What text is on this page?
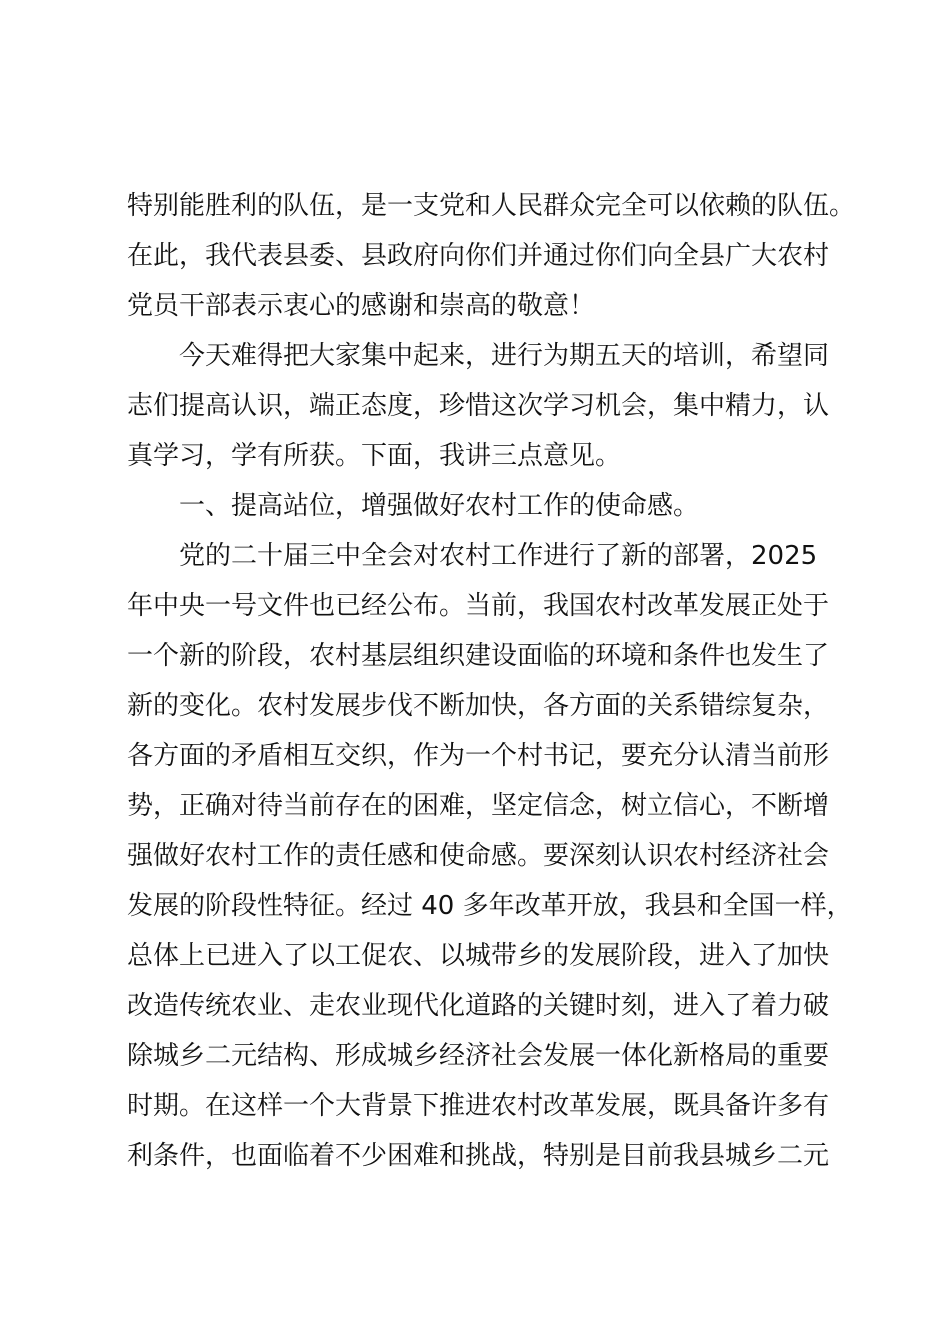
特别能胜利的队伍，是一支党和人民群众完全可以依赖的队伍。
在此，我代表县委、县政府向你们并通过你们向全县广大农村
党员干部表示衷心的感谢和崇高的敬意！
今天难得把大家集中起来，进行为期五天的培训，希望同
志们提高认识，端正态度，珍惜这次学习机会，集中精力，认
真学习，学有所获。下面，我讲三点意见。
一、提高站位，增强做好农村工作的使命感。
党的二十届三中全会对农村工作进行了新的部署，2025
年中央一号文件也已经公布。当前，我国农村改革发展正处于
一个新的阶段，农村基层组织建设面临的环境和条件也发生了
新的变化。农村发展步伐不断加快，各方面的关系错综复杂，
各方面的矛盾相互交织，作为一个村书记，要充分认清当前形
势，正确对待当前存在的困难，坚定信念，树立信心，不断增
强做好农村工作的责任感和使命感。要深刻认识农村经济社会
发展的阶段性特征。经过 40 多年改革开放，我县和全国一样，
总体上已进入了以工促农、以城带乡的发展阶段，进入了加快
改造传统农业、走农业现代化道路的关键时刻，进入了着力破
除城乡二元结构、形成城乡经济社会发展一体化新格局的重要
时期。在这样一个大背景下推进农村改革发展，既具备许多有
利条件，也面临着不少困难和挑战，特别是目前我县城乡二元
